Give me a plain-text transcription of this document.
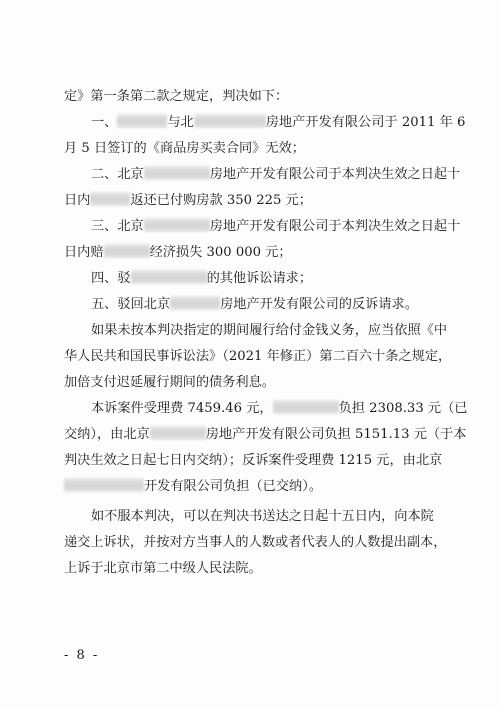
定》第一条第二款之规定，判决如下：
一、	与北	房地产开发有限公司于 2011 年 6
月 5 日签订的《商品房买卖合同》无效；
二、北京	房地产开发有限公司于本判决生效之日起十
日内	返还已付购房款 350 225 元；
三、北京	房地产开发有限公司于本判决生效之日起十
日内赔	经济损失 300 000 元；
四、驳	的其他诉讼请求；
五、驳回北京	房地产开发有限公司的反诉请求。
如果未按本判决指定的期间履行给付金钱义务，应当依照《中
华人民共和国民事诉讼法》（2021 年修正）第二百六十条之规定，
加倍支付迟延履行期间的债务利息。
本诉案件受理费 7459.46 元，	负担 2308.33 元（已
交纳），由北京	房地产开发有限公司负担 5151.13 元（于本
判决生效之日起七日内交纳）；反诉案件受理费 1215 元，由北京
开发有限公司负担（已交纳）。
如不服本判决，可以在判决书送达之日起十五日内，向本院
递交上诉状，并按对方当事人的人数或者代表人的人数提出副本，
上诉于北京市第二中级人民法院。
- 8 -
